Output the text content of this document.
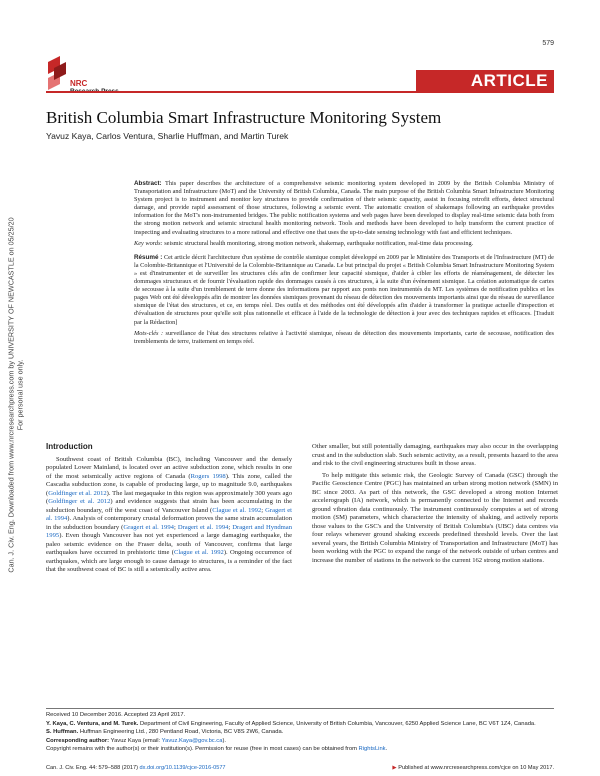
579
NRC	ARTICLE
Can. J. Civ. Eng. Downloaded from www.nrcresearchpress.com by UNIVERSITY OF NEWCASTLE on 05/25/20 For personal use only.
British Columbia Smart Infrastructure Monitoring System
Yavuz Kaya, Carlos Ventura, Sharlie Huffman, and Martin Turek

Abstract: This paper describes the architecture of a comprehensive seismic monitoring system developed in 2009 by the British Columbia Ministry of Transportation and Infrastructure (MoT) and the University of British Columbia, Canada. The main purpose of the British Columbia Smart Infrastructure Monitoring System project is to instrument and monitor key structures to provide confirmation of their seismic capacity, assist in focusing retrofit efforts, detect structural damage, and provide rapid assessment of those structures, following a seismic event. The automatic creation of shakemaps following an earthquake provides information for the MoT's non-instrumented bridges. The public notification systems and web pages have been developed to display real-time seismic data both from the strong motion network and seismic structural health monitoring network. Tools and methods have been developed to help transform the current practice of inspecting and evaluating structures to a more rational and effective one that uses the up-to-date sensing technology with fast and efficient techniques.

Key words: seismic structural health monitoring, strong motion network, shakemap, earthquake notification, real-time data processing.

Résumé : Cet article décrit l'architecture d'un système de contrôle sismique complet développé en 2009 par le Ministère des Transports et de l'Infrastructure (MT) de la Colombie-Britannique et l'Université de la Colombie-Britannique au Canada. Le but principal du projet « British Columbia Smart Infrastructure Monitoring System » est d'instrumenter et de surveiller les structures clés afin de confirmer leur capacité sismique, d'aider à cibler les efforts de réaménagement, de détecter les dommages structuraux et de fournir l'évaluation rapide des dommages causés à ces structures, à la suite d'un événement sismique. La création automatique de cartes de secousse à la suite d'un tremblement de terre donne des informations par rapport aux ponts non instrumentés du MT. Les systèmes de notification publics et les pages Web ont été développés afin de montrer les données sismiques provenant du réseau de détection des mouvements importants ainsi que du réseau de surveillance sismique de l'état des structures, et ce, en temps réel. Des outils et des méthodes ont été développés afin d'aider à transformer la pratique actuelle d'inspection et d'évaluation de structures pour qu'elle soit plus rationnelle et efficace à l'aide de la technologie de détection à jour avec des techniques rapides et efficaces. [Traduit par la Rédaction]

Mots-clés : surveillance de l'état des structures relative à l'activité sismique, réseau de détection des mouvements importants, carte de secousse, notification des tremblements de terre, traitement en temps réel.

Introduction

Southwest coast of British Columbia (BC), including Vancouver and the densely populated Lower Mainland, is located over an active subduction zone, which results in one of the most seismically active regions of Canada (Rogers 1998). This zone, called the Cascadia subduction zone, is capable of producing large, up to magnitude 9.0, earthquakes (Goldfinger et al. 2012). The last megaquake in this region was approximately 300 years ago (Goldfinger et al. 2012) and evidence suggests that strain has been accumulating in the subduction boundary, off the west coast of Vancouver Island (Clague et al. 1992; Gragert et al. 1994). Analysis of contemporary crustal deformation proves the same strain accumulation in the subduction boundary (Gragert et al. 1994; Dragert et al. 1994; Dragert and Hyndman 1995). Even though Vancouver has not yet experienced a large damaging earthquake, the paleo seismic evidence on the Fraser delta, south of Vancouver, confirms that large earthquakes have occurred in prehistoric time (Clague et al. 1992). Ongoing occurrence of earthquakes, which are large enough to cause damage to structures, is a reminder of the fact that the southwest coast of BC is still a seismically active area.

Other smaller, but still potentially damaging, earthquakes may also occur in the overlapping crust and in the subduction slab. Such seismic activity, as a result, presents hazard to the area and risk to the civil engineering structures built in those areas.

To help mitigate this seismic risk, the Geologic Survey of Canada (GSC) through the Pacific Geoscience Centre (PGC) has maintained an urban strong motion network (SMN) in BC since 2003. As part of this network, the GSC developed a strong motion Internet accelerograph (IA) network, which is permanently connected to the Internet and records ground vibration data continuously. The instrument continuously computes a set of strong motion (SM) parameters, which characterize the intensity of shaking, and actively reports those values to the GSC's and the University of British Columbia's (UBC) data centres via four relays whenever ground shaking exceeds predefined threshold levels. Over the last several years, the British Columbia Ministry of Transportation and Infrastructure (MoT) has been working with the PGC to expand the range of the network outside of urban centres and increase the number of stations in the network to the current 162 strong motion stations.

Received 10 December 2016. Accepted 23 April 2017.

Y. Kaya, C. Ventura, and M. Turek. Department of Civil Engineering, Faculty of Applied Science, University of British Columbia, Vancouver, 6250 Applied Science Lane, BC V6T 1Z4, Canada.

S. Huffman. Huffman Engineering Ltd., 280 Pentland Road, Victoria, BC V8S 2W6, Canada.

Corresponding author: Yavuz Kaya (email: Yavuz.Kaya@gov.bc.ca).

Copyright remains with the author(s) or their institution(s). Permission for reuse (free in most cases) can be obtained from RightsLink.

Can. J. Civ. Eng. 44: 579–588 (2017) dx.doi.org/10.1139/cjce-2016-0577	▶ Published at www.nrcresearchpress.com/cjce on 10 May 2017.
